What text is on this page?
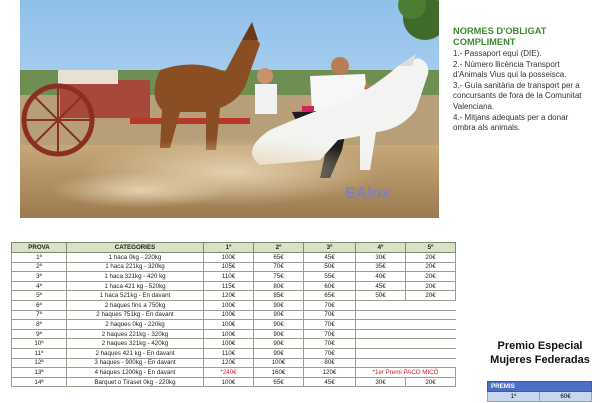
EAlox
NORMES D'OBLIGAT COMPLIMENT

1.- Passaport equí (DIE).

2.- Número llicència Transport d'Animals Vius qui la posseisca.

3.- Guía sanitària de transport per a concursants de fora de la Comunitat Valenciana.

4.- Mitjans adequats per a donar ombra als animals.

PROVA	CATEGORIES	1º	2º	3º	4º	5º
1ª	1 haca 0kg - 220kg	100€	65€	45€	30€	20€
2ª	1 haca 221kg - 320kg	105€	70€	50€	35€	20€
3ª	1 haca 321kg - 420 kg	110€	75€	55€	40€	20€
4ª	1 haca 421 kg - 520kg	115€	80€	60€	45€	20€
5ª	1 haca 521kg - En davant	120€	85€	65€	50€	20€
6ª	2 haques fins a 750kg	100€	90€	70€		
7ª	2 haques 751kg - En davant	100€	90€	70€		
8ª	2 haques 0kg - 220kg	100€	90€	70€		
9ª	2 haques 221kg - 320kg	100€	90€	70€		
10ª	2 haques 321kg - 420kg	100€	90€	70€		
11ª	2 haques 421 kg - En davant	110€	90€	70€		
12ª	3 haques - 900kg - En davant	120€	100€	80€		
13ª	4 haques 1200kg - En davant	*240€	160€	120€	*1er Premi PACO MICÓ	
14ª	Barquet o Tiraset 0kg - 220kg	100€	65€	45€	30€	20€
Premio Especial
Mujeres Federadas
PREMIS
1º	60€
